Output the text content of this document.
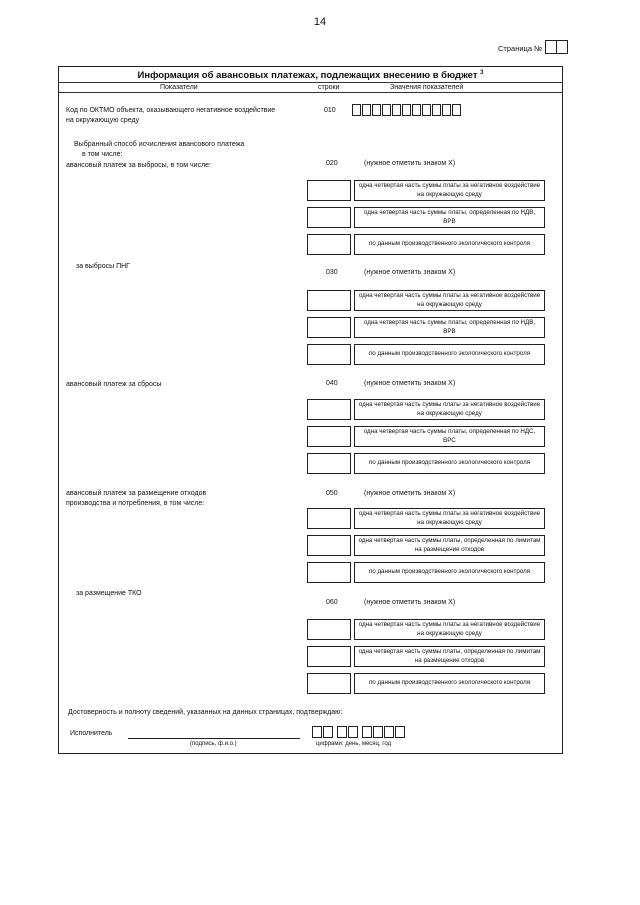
14
Страница №
Информация об авансовых платежах, подлежащих внесению в бюджет $^3$
Показатели	строки	Значения показателей
Код по ОКТМО объекта, оказывающего негативное воздействие
на окружающую среду
010
Выбранный способ исчисления авансового платежа
в том числе:
авансовый платеж за выбросы, в том числе:	020	(нужное отметить знаком X)
одна четвертая часть суммы платы за негативное воздействие на окружающую среду
одна четвертая часть суммы платы, определенная по НДВ, ВРВ
по данным производственного экологического контроля
за выбросы ПНГ
030	(нужное отметить знаком X)
одна четвертая часть суммы платы за негативное воздействие на окружающую среду
одна четвертая часть суммы платы, определенная по НДВ, ВРВ
по данным производственного экологического контроля
авансовый платеж за сбросы	040	(нужное отметить знаком X)
одна четвертая часть суммы платы за негативное воздействие на окружающую среду
одна четвертая часть суммы платы, определенная по НДС, ВРС
по данным производственного экологического контроля
авансовый платеж за размещение отходов
производства и потребления, в том числе:
050	(нужное отметить знаком X)
одна четвертая часть суммы платы за негативное воздействие на окружающую среду
одна четвертая часть суммы платы, определенная по лимитам на размещение отходов
по данным производственного экологического контроля
за размещение ТКО
060	(нужное отметить знаком X)
одна четвертая часть суммы платы за негативное воздействие на окружающую среду
одна четвертая часть суммы платы, определенная по лимитам на размещение отходов
по данным производственного экологического контроля
Достоверность и полноту сведений, указанных на данных страницах, подтверждаю:
Исполнитель
(подпись, ф.и.о.)	цифрами: день, месяц, год
